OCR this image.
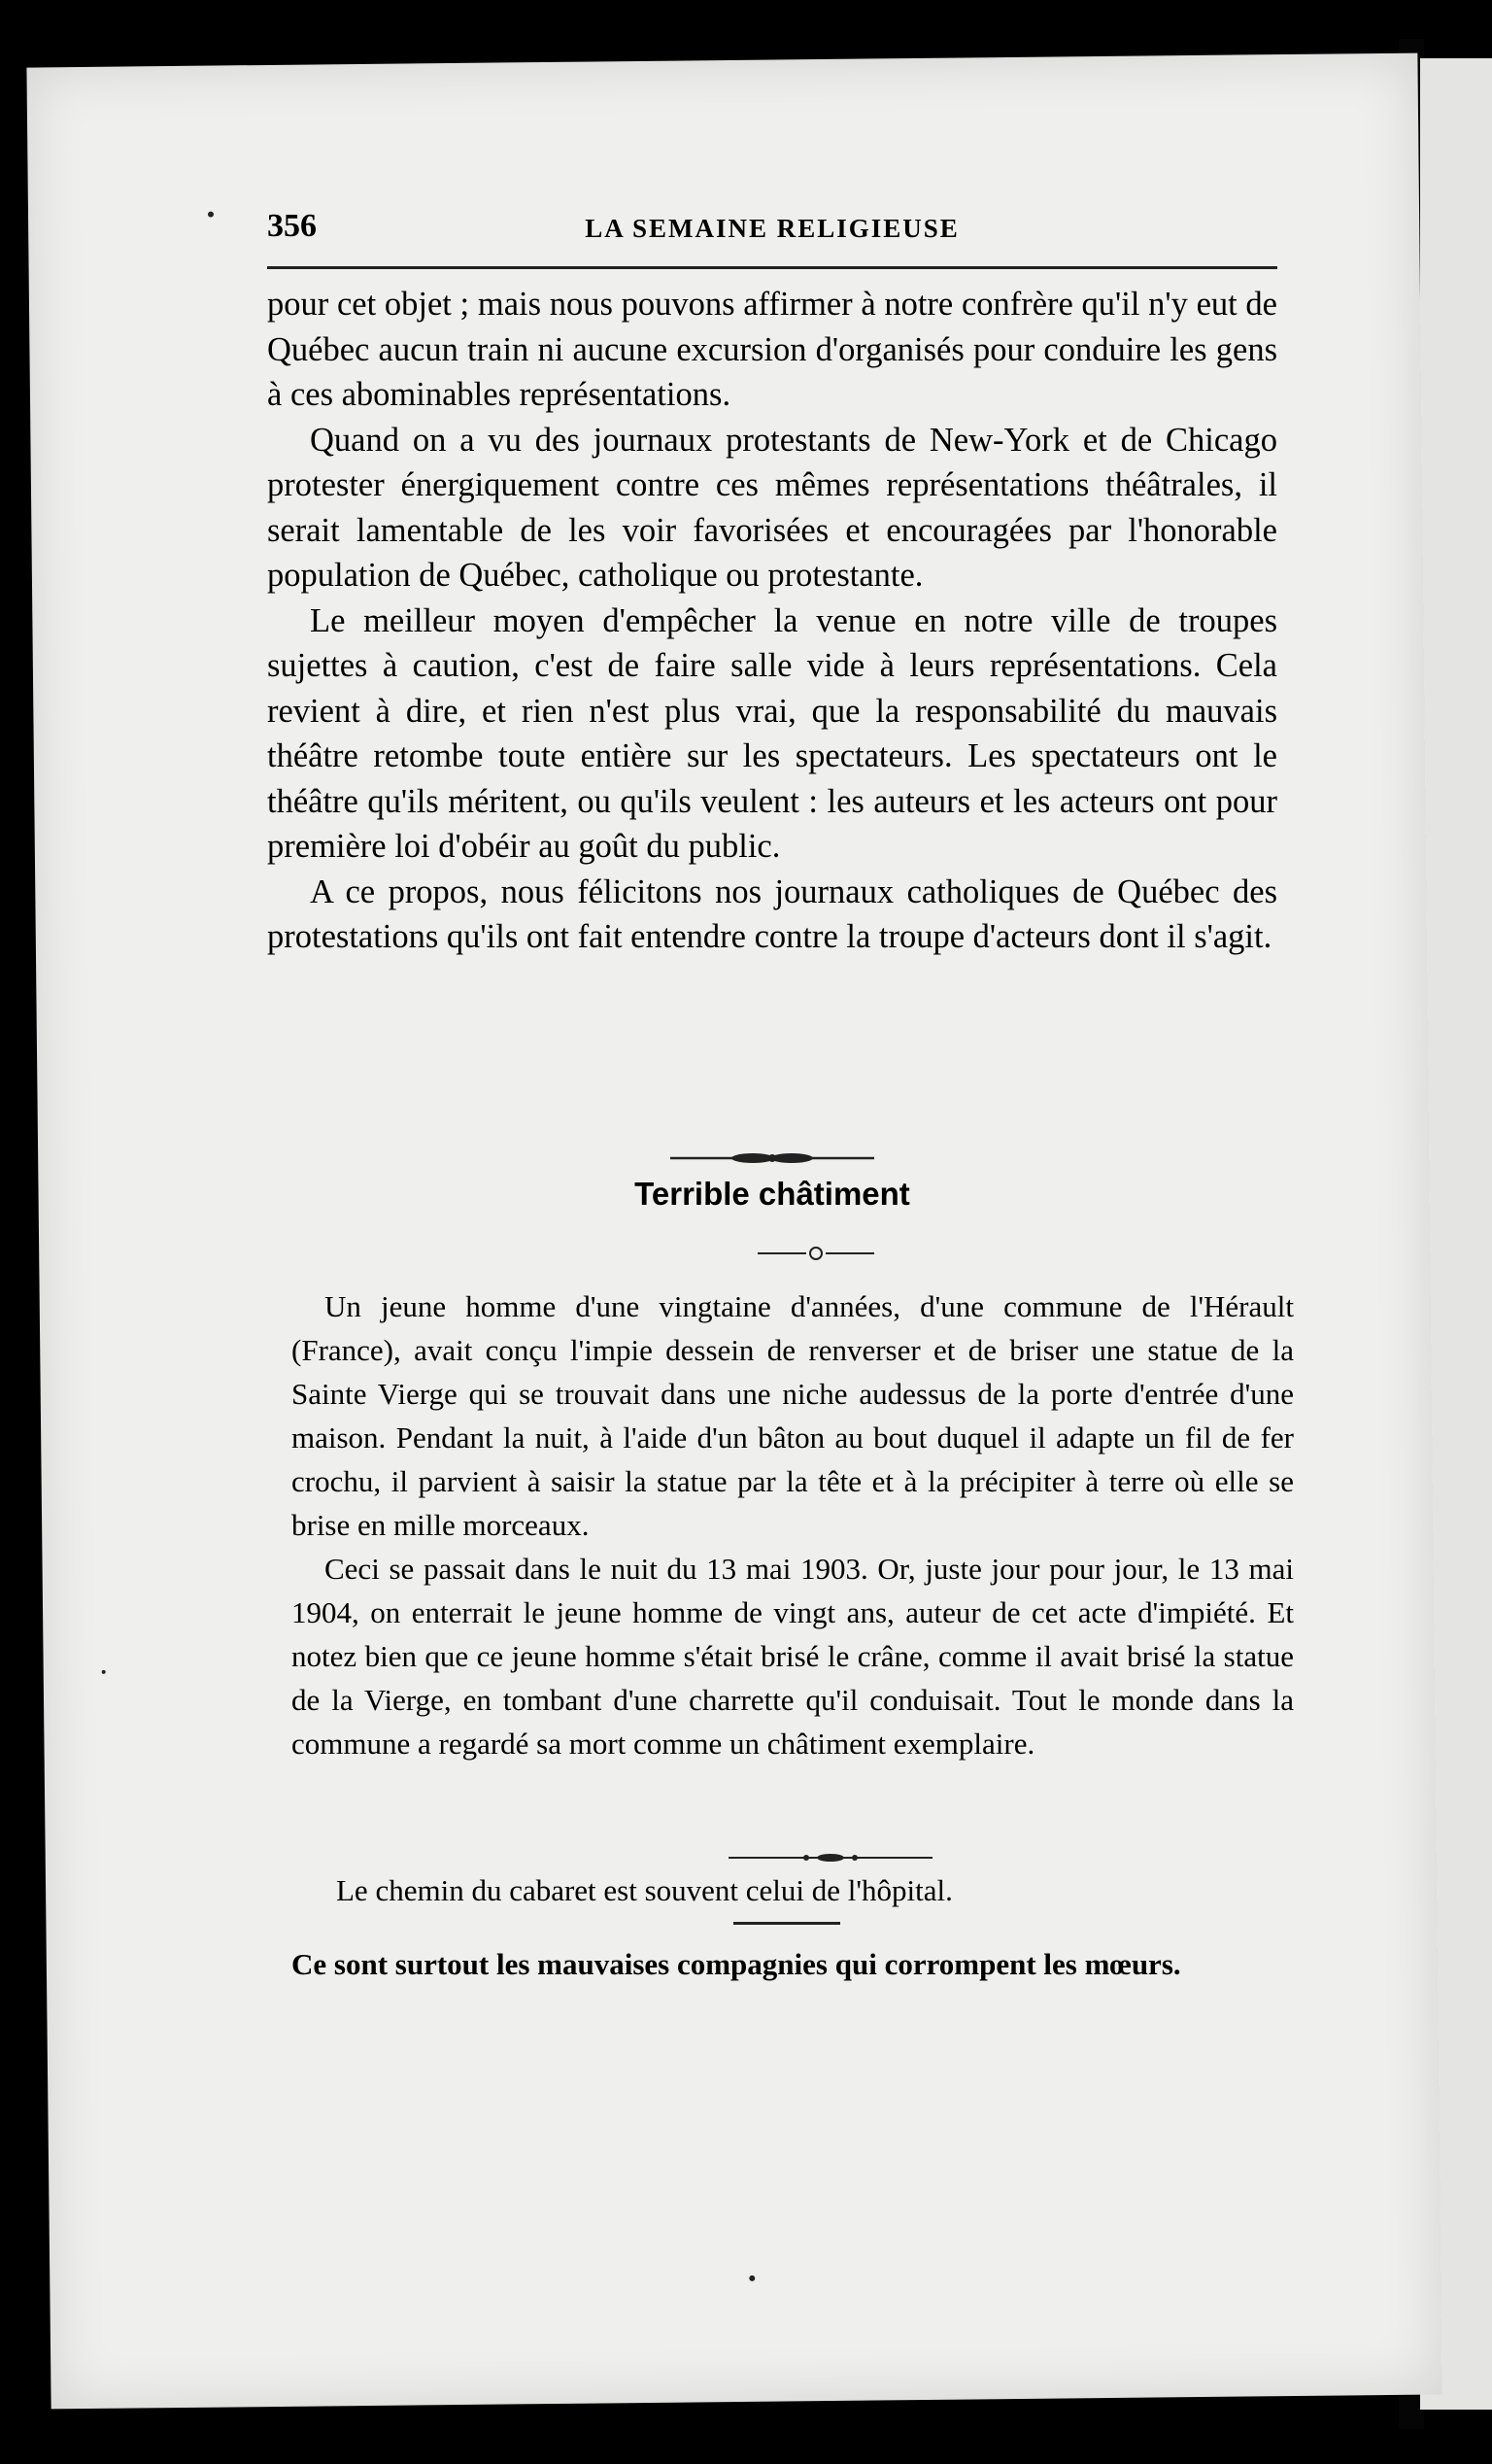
356	LA SEMAINE RELIGIEUSE

pour cet objet ; mais nous pouvons affirmer à notre confrère qu'il n'y eut de Québec aucun train ni aucune excursion d'organisés pour conduire les gens à ces abominables représentations.

Quand on a vu des journaux protestants de New-York et de Chicago protester énergiquement contre ces mêmes représentations théâtrales, il serait lamentable de les voir favorisées et encouragées par l'honorable population de Québec, catholique ou protestante.

Le meilleur moyen d'empêcher la venue en notre ville de troupes sujettes à caution, c'est de faire salle vide à leurs représentations. Cela revient à dire, et rien n'est plus vrai, que la responsabilité du mauvais théâtre retombe toute entière sur les spectateurs. Les spectateurs ont le théâtre qu'ils méritent, ou qu'ils veulent : les auteurs et les acteurs ont pour première loi d'obéir au goût du public.

A ce propos, nous félicitons nos journaux catholiques de Québec des protestations qu'ils ont fait entendre contre la troupe d'acteurs dont il s'agit.

Terrible châtiment

Un jeune homme d'une vingtaine d'années, d'une commune de l'Hérault (France), avait conçu l'impie dessein de renverser et de briser une statue de la Sainte Vierge qui se trouvait dans une niche audessus de la porte d'entrée d'une maison. Pendant la nuit, à l'aide d'un bâton au bout duquel il adapte un fil de fer crochu, il parvient à saisir la statue par la tête et à la précipiter à terre où elle se brise en mille morceaux.

Ceci se passait dans le nuit du 13 mai 1903. Or, juste jour pour jour, le 13 mai 1904, on enterrait le jeune homme de vingt ans, auteur de cet acte d'impiété. Et notez bien que ce jeune homme s'était brisé le crâne, comme il avait brisé la statue de la Vierge, en tombant d'une charrette qu'il conduisait. Tout le monde dans la commune a regardé sa mort comme un châtiment exemplaire.

Le chemin du cabaret est souvent celui de l'hôpital.
Ce sont surtout les mauvaises compagnies qui corrompent les mœurs.
